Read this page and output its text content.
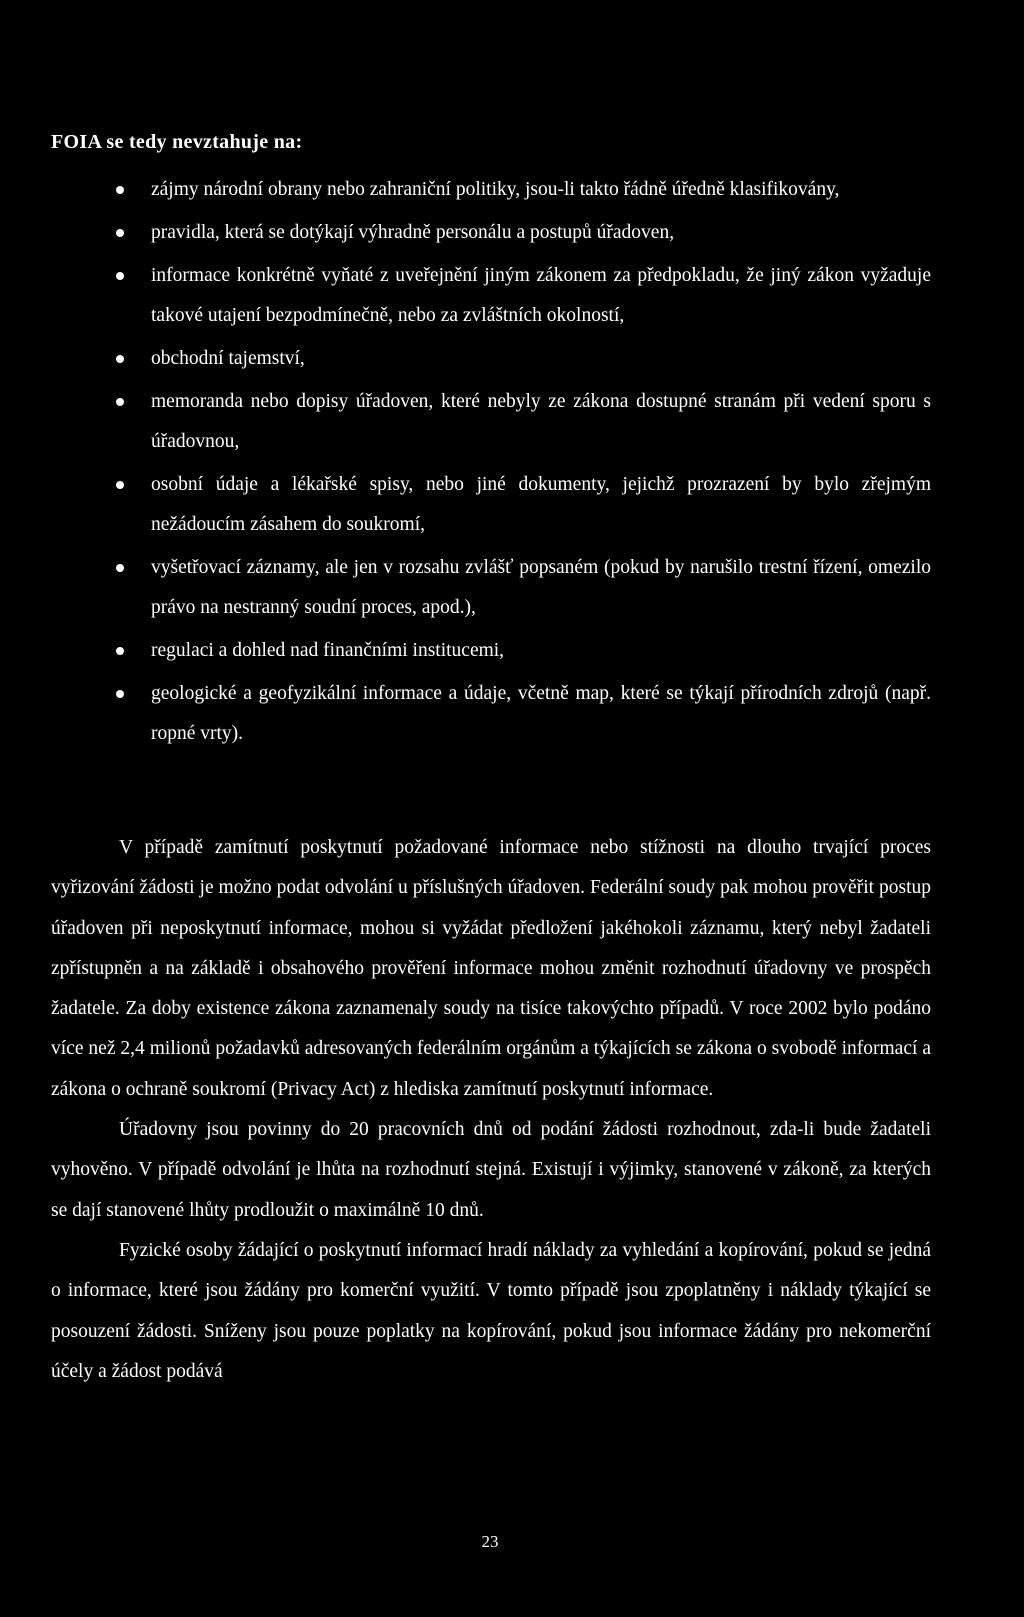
FOIA se tedy nevztahuje na:
zájmy národní obrany nebo zahraniční politiky, jsou-li takto řádně úředně klasifikovány,
pravidla, která se dotýkají výhradně personálu a postupů úřadoven,
informace konkrétně vyňaté z uveřejnění jiným zákonem za předpokladu, že jiný zákon vyžaduje takové utajení bezpodmínečně, nebo za zvláštních okolností,
obchodní tajemství,
memoranda nebo dopisy úřadoven, které nebyly ze zákona dostupné stranám při vedení sporu s úřadovnou,
osobní údaje a lékařské spisy, nebo jiné dokumenty, jejichž prozrazení by bylo zřejmým nežádoucím zásahem do soukromí,
vyšetřovací záznamy, ale jen v rozsahu zvlášť popsaném (pokud by narušilo trestní řízení, omezilo právo na nestranný soudní proces, apod.),
regulaci a dohled nad finančními institucemi,
geologické a geofyzikální informace a údaje, včetně map, které se týkají přírodních zdrojů (např. ropné vrty).

V případě zamítnutí poskytnutí požadované informace nebo stížnosti na dlouho trvající proces vyřizování žádosti je možno podat odvolání u příslušných úřadoven. Federální soudy pak mohou prověřit postup úřadoven při neposkytnutí informace, mohou si vyžádat předložení jakéhokoli záznamu, který nebyl žadateli zpřístupněn a na základě i obsahového prověření informace mohou změnit rozhodnutí úřadovny ve prospěch žadatele. Za doby existence zákona zaznamenaly soudy na tisíce takovýchto případů. V roce 2002 bylo podáno více než 2,4 milionů požadavků adresovaných federálním orgánům a týkajících se zákona o svobodě informací a zákona o ochraně soukromí (Privacy Act) z hlediska zamítnutí poskytnutí informace.

Úřadovny jsou povinny do 20 pracovních dnů od podání žádosti rozhodnout, zda-li bude žadateli vyhověno. V případě odvolání je lhůta na rozhodnutí stejná. Existují i výjimky, stanovené v zákoně, za kterých se dají stanovené lhůty prodloužit o maximálně 10 dnů.

Fyzické osoby žádající o poskytnutí informací hradí náklady za vyhledání a kopírování, pokud se jedná o informace, které jsou žádány pro komerční využití. V tomto případě jsou zpoplatněny i náklady týkající se posouzení žádosti. Sníženy jsou pouze poplatky na kopírování, pokud jsou informace žádány pro nekomerční účely a žádost podává

23
